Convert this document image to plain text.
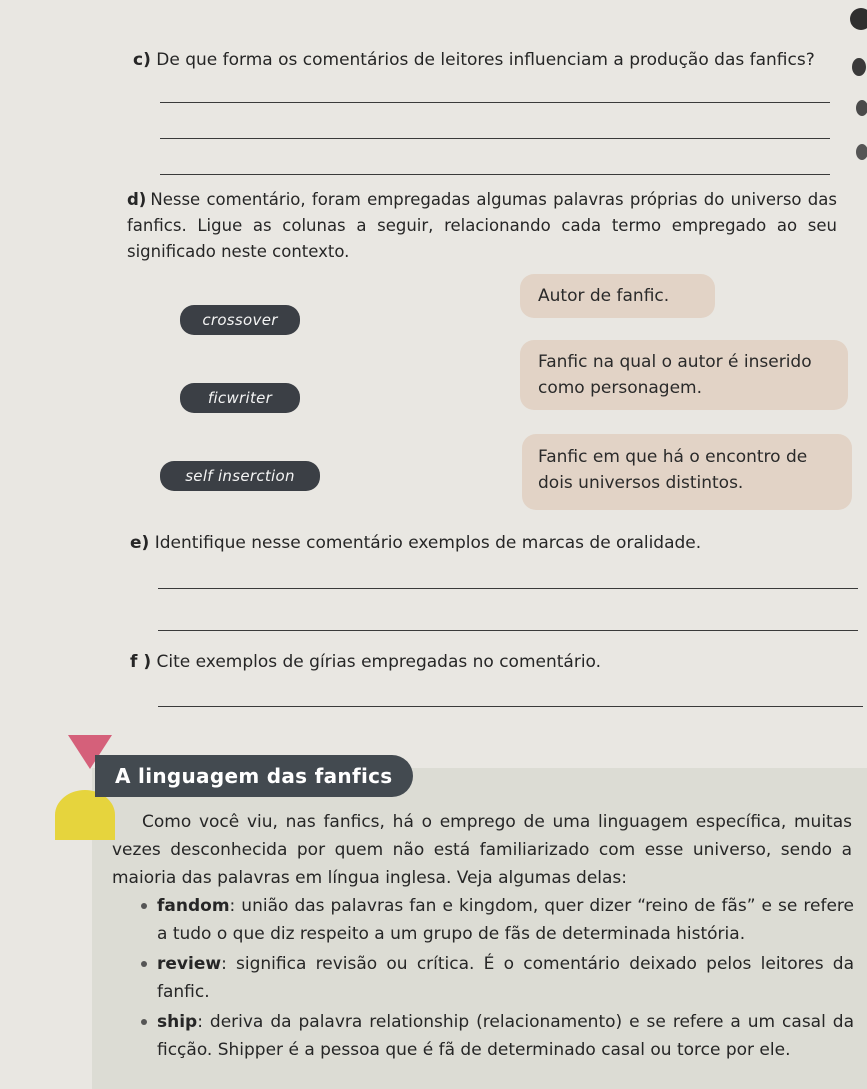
c) De que forma os comentários de leitores influenciam a produção das fanfics?
d) Nesse comentário, foram empregadas algumas palavras próprias do universo das fanfics. Ligue as colunas a seguir, relacionando cada termo empregado ao seu significado neste contexto.
crossover
ficwriter
self inserction
Autor de fanfic.
Fanfic na qual o autor é inserido como personagem.
Fanfic em que há o encontro de dois universos distintos.
e) Identifique nesse comentário exemplos de marcas de oralidade.
f ) Cite exemplos de gírias empregadas no comentário.
A linguagem das fanfics
Como você viu, nas fanfics, há o emprego de uma linguagem específica, muitas vezes desconhecida por quem não está familiarizado com esse universo, sendo a maioria das palavras em língua inglesa. Veja algumas delas:
fandom: união das palavras fan e kingdom, quer dizer “reino de fãs” e se refere a tudo o que diz respeito a um grupo de fãs de determinada história.
review: significa revisão ou crítica. É o comentário deixado pelos leitores da fanfic.
ship: deriva da palavra relationship (relacionamento) e se refere a um casal da ficção. Shipper é a pessoa que é fã de determinado casal ou torce por ele.
